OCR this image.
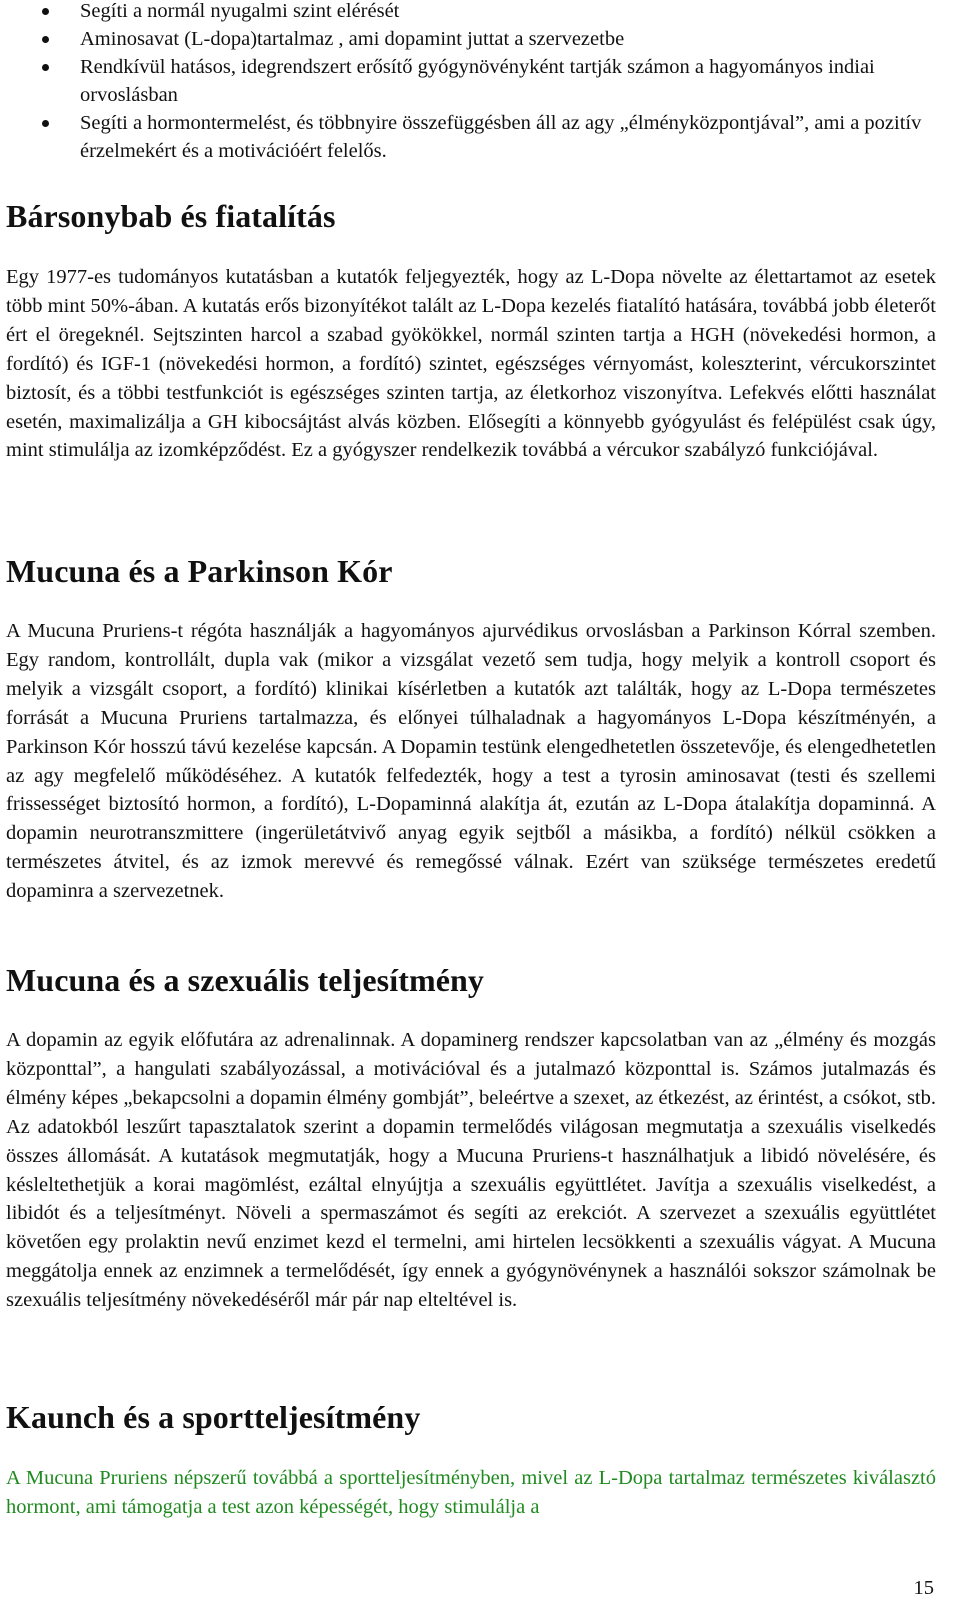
Segíti a normál nyugalmi szint elérését
Aminosavat (L-dopa)tartalmaz , ami dopamint juttat a szervezetbe
Rendkívül hatásos, idegrendszert erősítő gyógynövényként tartják számon a hagyományos indiai orvoslásban
Segíti a hormontermelést, és többnyire összefüggésben áll az agy „élményközpontjával”, ami a pozitív érzelmekért és a motivációért felelős.
Bársonybab és fiatalítás

Egy 1977-es tudományos kutatásban a kutatók feljegyezték, hogy az L-Dopa növelte az élettartamot az esetek több mint 50%-ában. A kutatás erős bizonyítékot talált az L-Dopa kezelés fiatalító hatására, továbbá jobb életerőt ért el öregeknél. Sejtszinten harcol a szabad gyökökkel, normál szinten tartja a HGH (növekedési hormon, a fordító) és IGF-1 (növekedési hormon, a fordító) szintet, egészséges vérnyomást, koleszterint, vércukorszintet biztosít, és a többi testfunkciót is egészséges szinten tartja, az életkorhoz viszonyítva. Lefekvés előtti használat esetén, maximalizálja a GH kibocsájtást alvás közben. Elősegíti a könnyebb gyógyulást és felépülést csak úgy, mint stimulálja az izomképződést. Ez a gyógyszer rendelkezik továbbá a vércukor szabályzó funkciójával.

Mucuna és a Parkinson Kór

A Mucuna Pruriens-t régóta használják a hagyományos ajurvédikus orvoslásban a Parkinson Kórral szemben. Egy random, kontrollált, dupla vak (mikor a vizsgálat vezető sem tudja, hogy melyik a kontroll csoport és melyik a vizsgált csoport, a fordító) klinikai kísérletben a kutatók azt találták, hogy az L-Dopa természetes forrását a Mucuna Pruriens tartalmazza, és előnyei túlhaladnak a hagyományos L-Dopa készítményén, a Parkinson Kór hosszú távú kezelése kapcsán. A Dopamin testünk elengedhetetlen összetevője, és elengedhetetlen az agy megfelelő működéséhez. A kutatók felfedezték, hogy a test a tyrosin aminosavat (testi és szellemi frissességet biztosító hormon, a fordító), L-Dopaminná alakítja át, ezután az L-Dopa átalakítja dopaminná. A dopamin neurotranszmittere (ingerületátvivő anyag egyik sejtből a másikba, a fordító) nélkül csökken a természetes átvitel, és az izmok merevvé és remegőssé válnak. Ezért van szüksége természetes eredetű dopaminra a szervezetnek.

Mucuna és a szexuális teljesítmény

A dopamin az egyik előfutára az adrenalinnak. A dopaminerg rendszer kapcsolatban van az „élmény és mozgás központtal”, a hangulati szabályozással, a motivációval és a jutalmazó központtal is. Számos jutalmazás és élmény képes „bekapcsolni a dopamin élmény gombját”, beleértve a szexet, az étkezést, az érintést, a csókot, stb. Az adatokból leszűrt tapasztalatok szerint a dopamin termelődés világosan megmutatja a szexuális viselkedés összes állomását. A kutatások megmutatják, hogy a Mucuna Pruriens-t használhatjuk a libidó növelésére, és késleltethetjük a korai magömlést, ezáltal elnyújtja a szexuális együttlétet. Javítja a szexuális viselkedést, a libidót és a teljesítményt. Növeli a spermaszámot és segíti az erekciót. A szervezet a szexuális együttlétet követően egy prolaktin nevű enzimet kezd el termelni, ami hirtelen lecsökkenti a szexuális vágyat. A Mucuna meggátolja ennek az enzimnek a termelődését, így ennek a gyógynövénynek a használói sokszor számolnak be szexuális teljesítmény növekedéséről már pár nap elteltével is.

Kaunch és a sportteljesítmény

A Mucuna Pruriens népszerű továbbá a sportteljesítményben, mivel az L-Dopa tartalmaz természetes kiválasztó hormont, ami támogatja a test azon képességét, hogy stimulálja a

15
